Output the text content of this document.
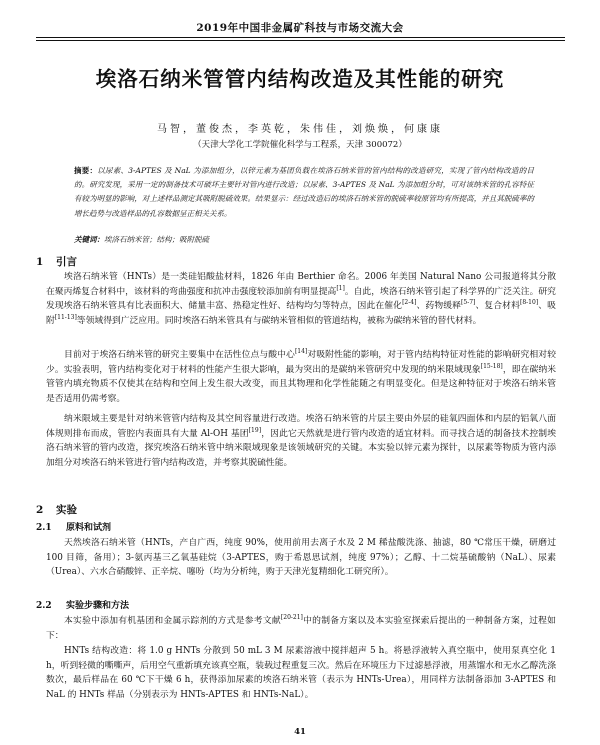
2019年中国非金属矿科技与市场交流大会
埃洛石纳米管管内结构改造及其性能的研究
马智，董俊杰，李英乾，朱伟佳，刘焕焕，何康康
（天津大学化工学院催化科学与工程系，天津 300072）
摘要：以尿素、3-APTES 及 NaL 为添加组分，以锌元素为基团负载在埃洛石纳米管的管内结构的改造研究，实现了管内结构改造的目的。研究发现，采用一定的制备技术可破坏主要针对管内进行改造；以尿素、3-APTES 及 NaL 为添加组分时，可对该纳米管的孔容特征有较为明显的影响，对上述样品测定其吸附脱硫效果。结果显示：经过改造后的埃洛石纳米管的脱硫率较原管均有所提高，并且其脱硫率的增长趋势与改造样品的孔容数据呈正相关关系。
关键词：埃洛石纳米管；结构；吸附脱硫
1 引言
埃洛石纳米管（HNTs）是一类硅铝酸盐材料，1826 年由 Berthier 命名。2006 年美国 Natural Nano 公司报道将其分散在聚丙烯复合材料中，该材料的弯曲强度和抗冲击强度较添加前有明显提高[1]。自此，埃洛石纳米管引起了科学界的广泛关注。研究发现埃洛石纳米管具有比表面积大、储量丰富、热稳定性好、结构均匀等特点，因此在催化[2-4]、药物缓释[5-7]、复合材料[8-10]、吸附[11-13]等领域得到广泛应用。同时埃洛石纳米管具有与碳纳米管相似的管道结构，被称为碳纳米管的替代材料。
目前对于埃洛石纳米管的研究主要集中在活性位点与酸中心[14]对吸附性能的影响，对于管内结构特征对性能的影响研究相对较少。实验表明，管内结构变化对于材料的性能产生很大影响，最为突出的是碳纳米管研究中发现的纳米限域现象[15-18]，即在碳纳米管管内填充物质不仅使其在结构和空间上发生很大改变，而且其物理和化学性能随之有明显变化。但是这种特征对于埃洛石纳米管是否适用仍需考察。
纳米限域主要是针对纳米管管内结构及其空间容量进行改造。埃洛石纳米管的片层主要由外层的硅氧四面体和内层的铝氧八面体规则排布而成，管腔内表面具有大量 Al-OH 基团[19]，因此它天然就是进行管内改造的适宜材料。而寻找合适的制备技术控制埃洛石纳米管的管内改造，探究埃洛石纳米管中纳米限域现象是该领域研究的关键。本实验以锌元素为探针，以尿素等物质为管内添加组分对埃洛石纳米管进行管内结构改造，并考察其脱硫性能。
2 实验
2.1 原料和试剂
天然埃洛石纳米管（HNTs，产自广西，纯度 90%，使用前用去离子水及 2 M 稀盐酸洗涤、抽滤，80 ℃常压干燥，研磨过 100 目筛，备用）；3-氨丙基三乙氧基硅烷（3-APTES，购于希恩思试剂，纯度 97%）；乙醇、十二烷基硫酸钠（NaL）、尿素（Urea）、六水合硝酸锌、正辛烷、噻吩（均为分析纯，购于天津光复精细化工研究所）。
2.2 实验步骤和方法
本实验中添加有机基团和金属示踪剂的方式是参考文献[20-21]中的制备方案以及本实验室探索后提出的一种制备方案，过程如下：
HNTs 结构改造：将 1.0 g HNTs 分散到 50 mL 3 M 尿素溶液中搅拌超声 5 h。将悬浮液转入真空瓶中，使用泵真空化 1 h，听到轻微的嘶嘶声，后用空气重新填充该真空瓶，装载过程重复三次。然后在环境压力下过滤悬浮液，用蒸馏水和无水乙醇洗涤数次，最后样品在 60 ℃下干燥 6 h，获得添加尿素的埃洛石纳米管（表示为 HNTs-Urea），用同样方法制备添加 3-APTES 和 NaL 的 HNTs 样品（分别表示为 HNTs-APTES 和 HNTs-NaL）。
41
